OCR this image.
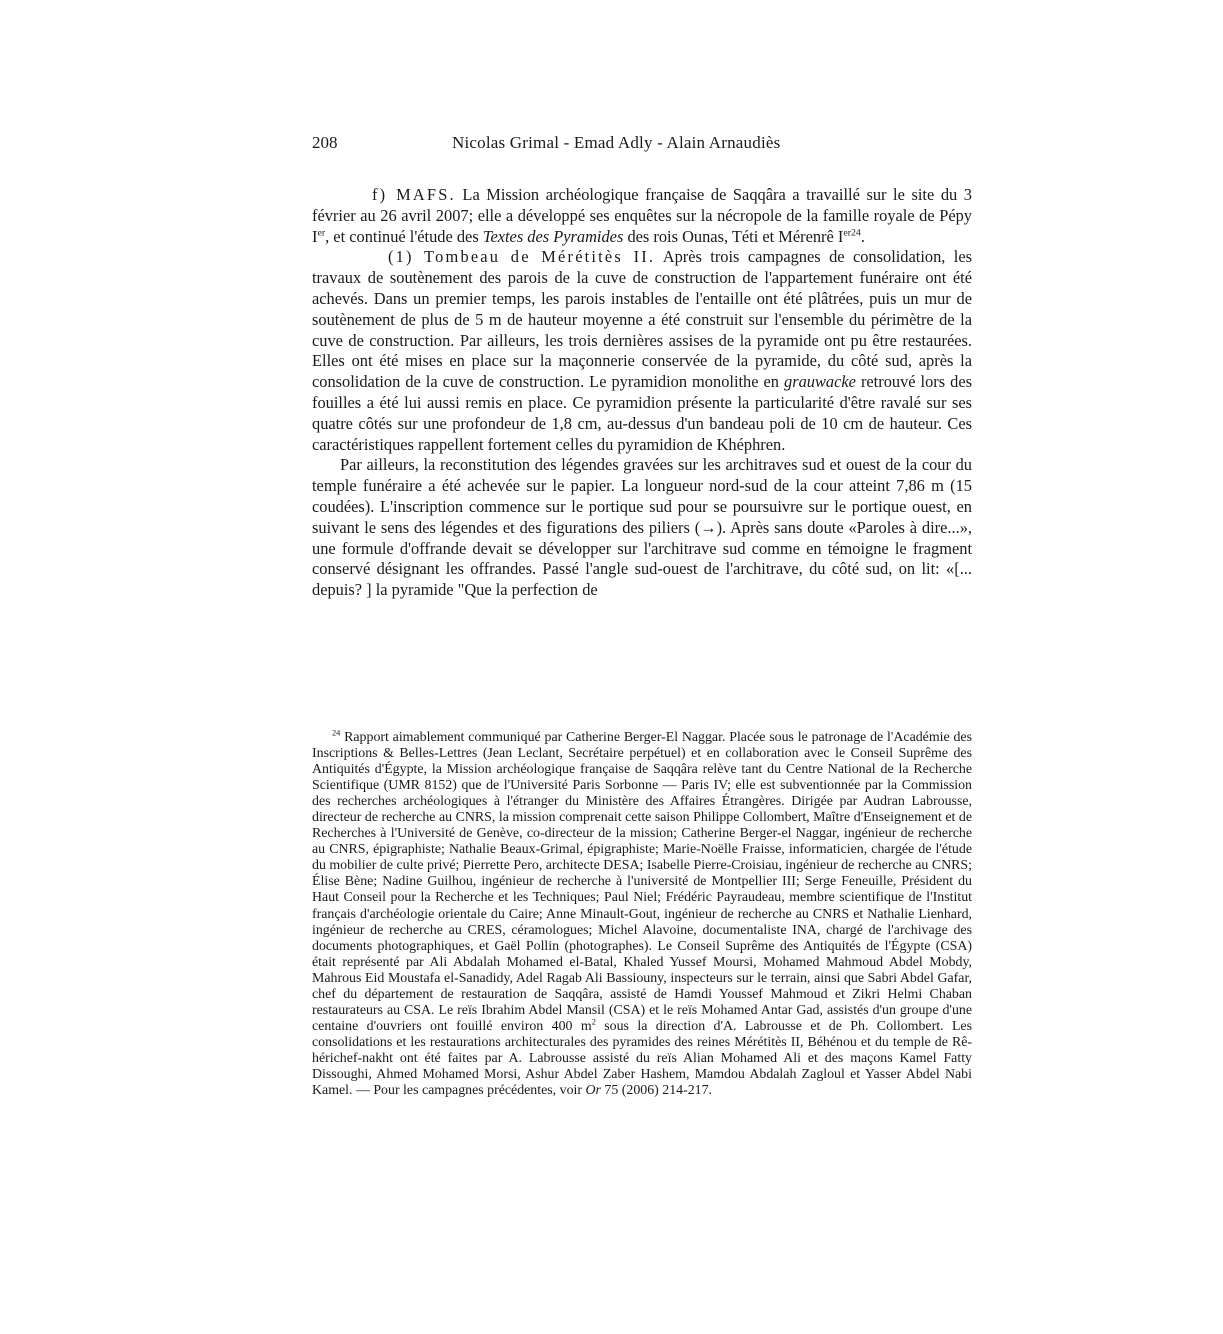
208	Nicolas Grimal - Emad Adly - Alain Arnaudiès

f) MAFS. La Mission archéologique française de Saqqâra a travaillé sur le site du 3 février au 26 avril 2007; elle a développé ses enquêtes sur la nécropole de la famille royale de Pépy Ier, et continué l'étude des Textes des Pyramides des rois Ounas, Téti et Mérenrê $I^{er24}$.

(1) Tombeau de Mérétitès II. Après trois campagnes de consolidation, les travaux de soutènement des parois de la cuve de construction de l'appartement funéraire ont été achevés. Dans un premier temps, les parois instables de l'entaille ont été plâtrées, puis un mur de soutènement de plus de 5 m de hauteur moyenne a été construit sur l'ensemble du périmètre de la cuve de construction. Par ailleurs, les trois dernières assises de la pyramide ont pu être restaurées. Elles ont été mises en place sur la maçonnerie conservée de la pyramide, du côté sud, après la consolidation de la cuve de construction. Le pyramidion monolithe en grauwacke retrouvé lors des fouilles a été lui aussi remis en place. Ce pyramidion présente la particularité d'être ravalé sur ses quatre côtés sur une profondeur de 1,8 cm, au-dessus d'un bandeau poli de 10 cm de hauteur. Ces caractéristiques rappellent fortement celles du pyramidion de Khéphren.

Par ailleurs, la reconstitution des légendes gravées sur les architraves sud et ouest de la cour du temple funéraire a été achevée sur le papier. La longueur nord-sud de la cour atteint 7,86 m (15 coudées). L'inscription commence sur le portique sud pour se poursuivre sur le portique ouest, en suivant le sens des légendes et des figurations des piliers (→). Après sans doute «Paroles à dire...», une formule d'offrande devait se développer sur l'architrave sud comme en témoigne le fragment conservé désignant les offrandes. Passé l'angle sud-ouest de l'architrave, du côté sud, on lit: «[... depuis? ] la pyramide "Que la perfection de

$^{24}$ Rapport aimablement communiqué par Catherine Berger-El Naggar. Placée sous le patronage de l'Académie des Inscriptions & Belles-Lettres (Jean Leclant, Secrétaire perpétuel) et en collaboration avec le Conseil Suprême des Antiquités d'Égypte, la Mission archéologique française de Saqqâra relève tant du Centre National de la Recherche Scientifique (UMR 8152) que de l'Université Paris Sorbonne — Paris IV; elle est subventionnée par la Commission des recherches archéologiques à l'étranger du Ministère des Affaires Étrangères. Dirigée par Audran Labrousse, directeur de recherche au CNRS, la mission comprenait cette saison Philippe Collombert, Maître d'Enseignement et de Recherches à l'Université de Genève, co-directeur de la mission; Catherine Berger-el Naggar, ingénieur de recherche au CNRS, épigraphiste; Nathalie Beaux-Grimal, épigraphiste; Marie-Noëlle Fraisse, informaticien, chargée de l'étude du mobilier de culte privé; Pierrette Pero, architecte DESA; Isabelle Pierre-Croisiau, ingénieur de recherche au CNRS; Élise Bène; Nadine Guilhou, ingénieur de recherche à l'université de Montpellier III; Serge Feneuille, Président du Haut Conseil pour la Recherche et les Techniques; Paul Niel; Frédéric Payraudeau, membre scientifique de l'Institut français d'archéologie orientale du Caire; Anne Minault-Gout, ingénieur de recherche au CNRS et Nathalie Lienhard, ingénieur de recherche au CRES, céramologues; Michel Alavoine, documentaliste INA, chargé de l'archivage des documents photographiques, et Gaël Pollin (photographes). Le Conseil Suprême des Antiquités de l'Égypte (CSA) était représenté par Ali Abdalah Mohamed el-Batal, Khaled Yussef Moursi, Mohamed Mahmoud Abdel Mobdy, Mahrous Eid Moustafa el-Sanadidy, Adel Ragab Ali Bassiouny, inspecteurs sur le terrain, ainsi que Sabri Abdel Gafar, chef du département de restauration de Saqqâra, assisté de Hamdi Youssef Mahmoud et Zikri Helmi Chaban restaurateurs au CSA. Le reïs Ibrahim Abdel Mansil (CSA) et le reïs Mohamed Antar Gad, assistés d'un groupe d'une centaine d'ouvriers ont fouillé environ 400 $m^2$ sous la direction d'A. Labrousse et de Ph. Collombert. Les consolidations et les restaurations architecturales des pyramides des reines Mérétitès II, Béhénou et du temple de Rê-hérichef-nakht ont été faites par A. Labrousse assisté du reïs Alian Mohamed Ali et des maçons Kamel Fatty Dissoughi, Ahmed Mohamed Morsi, Ashur Abdel Zaber Hashem, Mamdou Abdalah Zagloul et Yasser Abdel Nabi Kamel. — Pour les campagnes précédentes, voir Or 75 (2006) 214-217.
